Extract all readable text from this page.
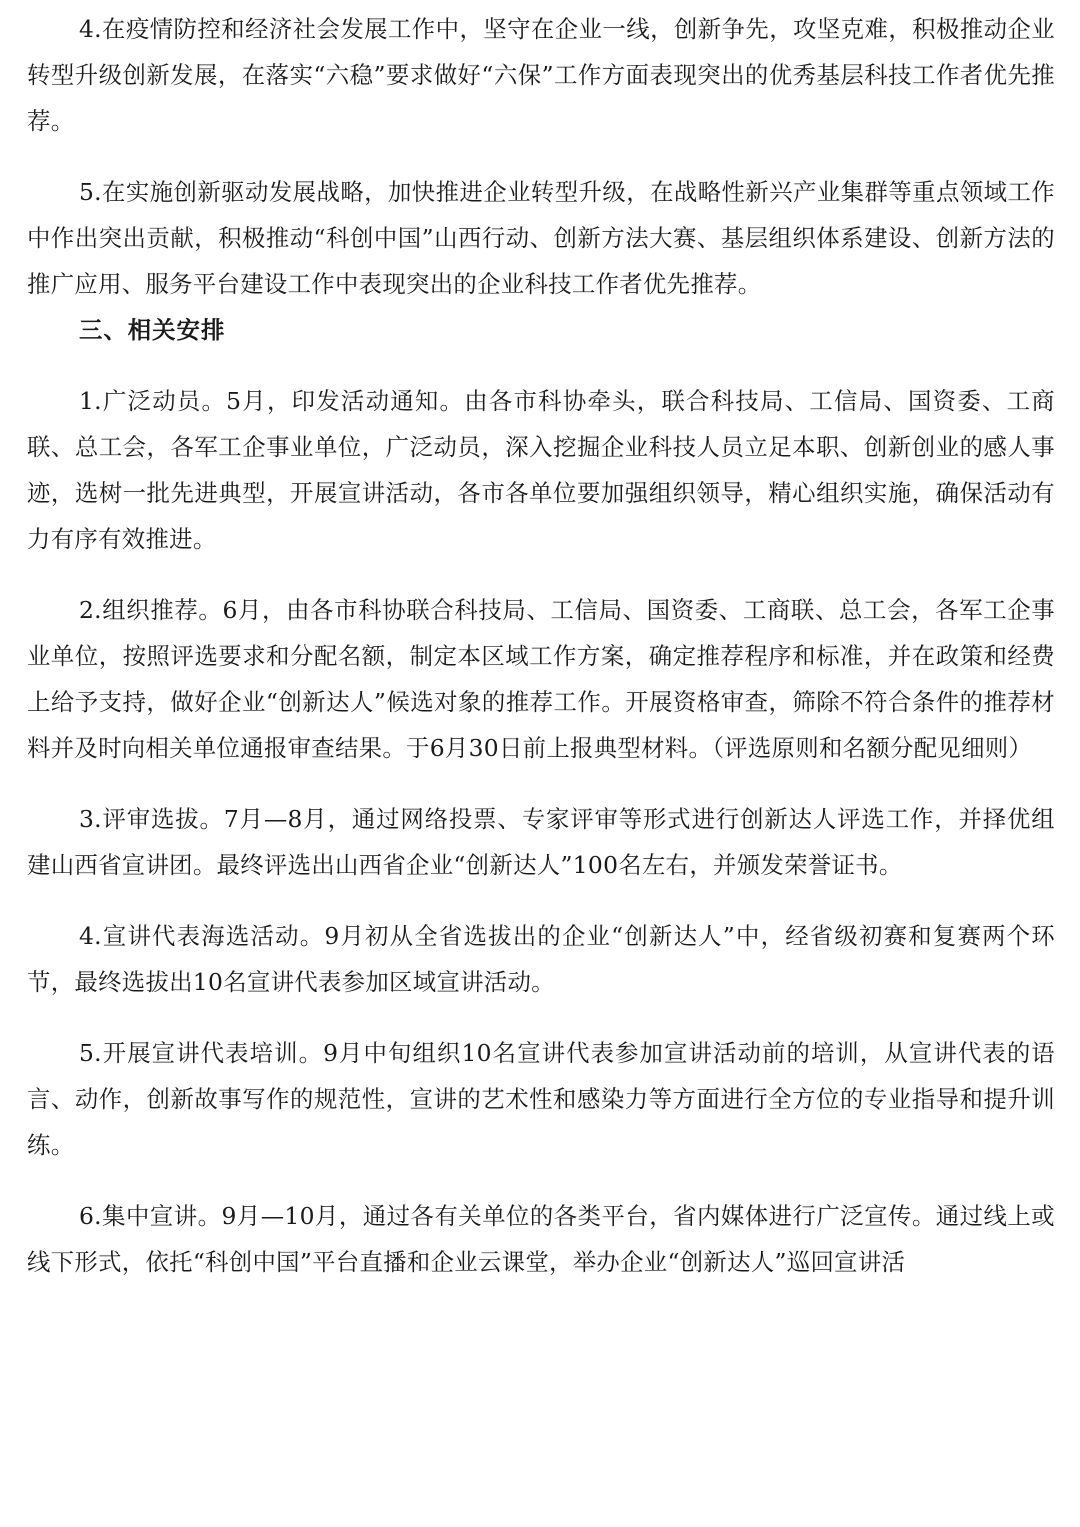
4.在疫情防控和经济社会发展工作中，坚守在企业一线，创新争先，攻坚克难，积极推动企业转型升级创新发展，在落实“六稳”要求做好“六保”工作方面表现突出的优秀基层科技工作者优先推荐。

5.在实施创新驱动发展战略，加快推进企业转型升级，在战略性新兴产业集群等重点领域工作中作出突出贡献，积极推动“科创中国”山西行动、创新方法大赛、基层组织体系建设、创新方法的推广应用、服务平台建设工作中表现突出的企业科技工作者优先推荐。

三、相关安排

1.广泛动员。5月，印发活动通知。由各市科协牵头，联合科技局、工信局、国资委、工商联、总工会，各军工企事业单位，广泛动员，深入挖掘企业科技人员立足本职、创新创业的感人事迹，选树一批先进典型，开展宣讲活动，各市各单位要加强组织领导，精心组织实施，确保活动有力有序有效推进。

2.组织推荐。6月，由各市科协联合科技局、工信局、国资委、工商联、总工会，各军工企事业单位，按照评选要求和分配名额，制定本区域工作方案，确定推荐程序和标准，并在政策和经费上给予支持，做好企业“创新达人”候选对象的推荐工作。开展资格审查，筛除不符合条件的推荐材料并及时向相关单位通报审查结果。于6月30日前上报典型材料。（评选原则和名额分配见细则）

3.评审选拔。7月—8月，通过网络投票、专家评审等形式进行创新达人评选工作，并择优组建山西省宣讲团。最终评选出山西省企业“创新达人”100名左右，并颁发荣誉证书。

4.宣讲代表海选活动。9月初从全省选拔出的企业“创新达人”中，经省级初赛和复赛两个环节，最终选拔出10名宣讲代表参加区域宣讲活动。

5.开展宣讲代表培训。9月中旬组织10名宣讲代表参加宣讲活动前的培训，从宣讲代表的语言、动作，创新故事写作的规范性，宣讲的艺术性和感染力等方面进行全方位的专业指导和提升训练。

6.集中宣讲。9月—10月，通过各有关单位的各类平台，省内媒体进行广泛宣传。通过线上或线下形式，依托“科创中国”平台直播和企业云课堂，举办企业“创新达人”巡回宣讲活
